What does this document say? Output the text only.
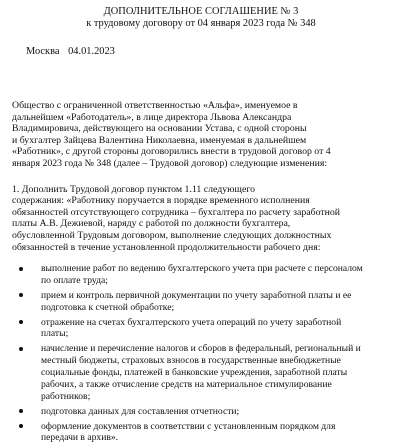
ДОПОЛНИТЕЛЬНОЕ СОГЛАШЕНИЕ № 3
к трудовому договору от 04 января 2023 года № 348
Москва 04.01.2023
Общество с ограниченной ответственностью «Альфа», именуемое в
дальнейшем «Работодатель», в лице директора Львова Александра
Владимировича, действующего на основании Устава, с одной стороны
и бухгалтер Зайцева Валентина Николаевна, именуемая в дальнейшем
«Работник», с другой стороны договорились внести в трудовой договор от 4
января 2023 года № 348 (далее – Трудовой договор) следующие изменения:
1. Дополнить Трудовой договор пунктом 1.11 следующего
содержания: «Работнику поручается в порядке временного исполнения
обязанностей отсутствующего сотрудника – бухгалтера по расчету заработной
платы А.В. Дежиевой, наряду с работой по должности бухгалтера,
обусловленной Трудовым договором, выполнение следующих должностных
обязанностей в течение установленной продолжительности рабочего дня:
выполнение работ по ведению бухгалтерского учета при расчете с персоналом
по оплате труда;
прием и контроль первичной документации по учету заработной платы и ее
подготовка к счетной обработке;
отражение на счетах бухгалтерского учета операций по учету заработной
платы;
начисление и перечисление налогов и сборов в федеральный, региональный и
местный бюджеты, страховых взносов в государственные внебюджетные
социальные фонды, платежей в банковские учреждения, заработной платы
рабочих, а также отчисление средств на материальное стимулирование
работников;
подготовка данных для составления отчетности;
оформление документов в соответствии с установленным порядком для
передачи в архив».
